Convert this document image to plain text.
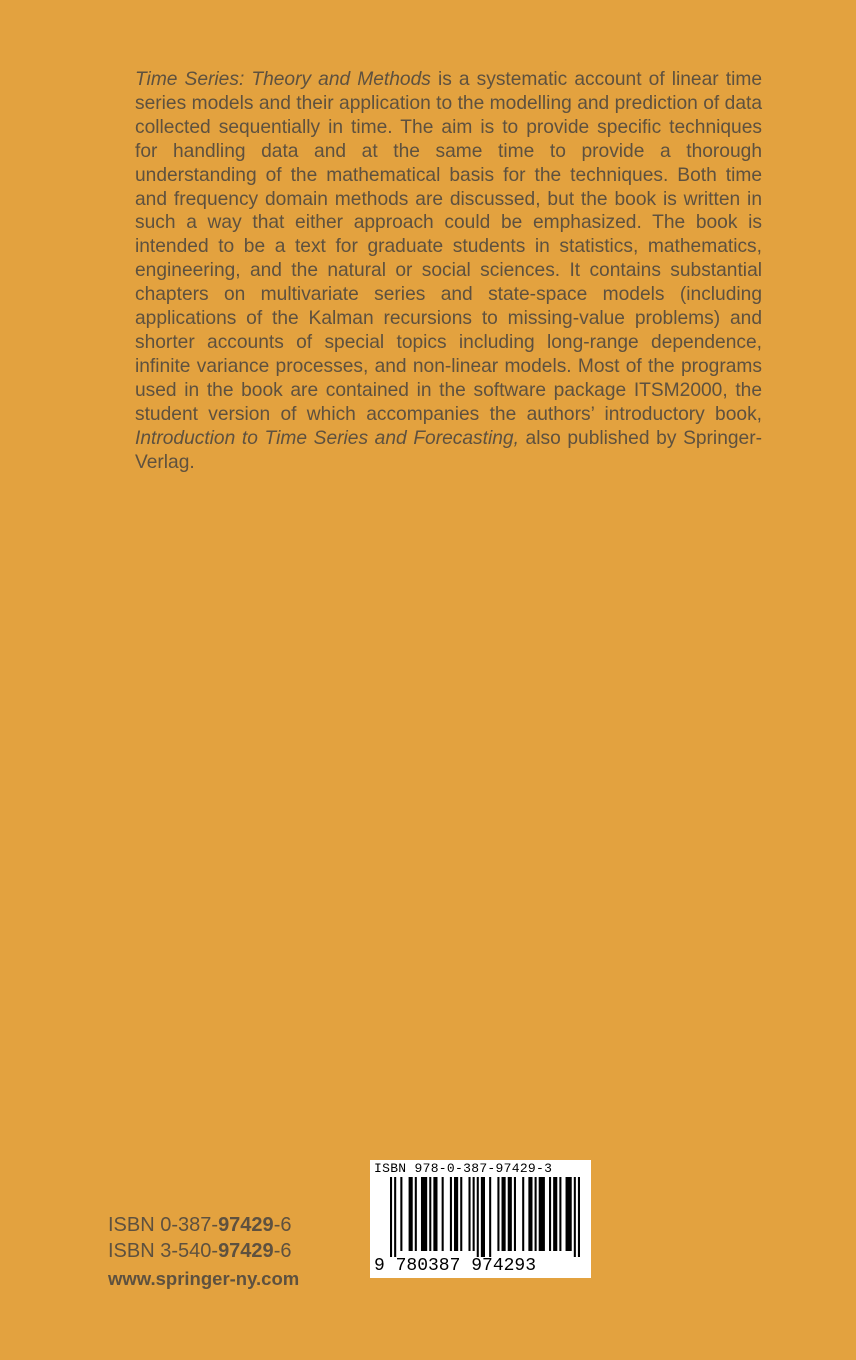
Time Series: Theory and Methods is a systematic account of linear time series models and their application to the modelling and prediction of data collected sequentially in time. The aim is to provide specific techniques for handling data and at the same time to provide a thorough understanding of the mathematical basis for the techniques. Both time and frequency domain methods are discussed, but the book is written in such a way that either approach could be emphasized. The book is intended to be a text for graduate students in statistics, mathematics, engineering, and the natural or social sciences. It contains substantial chapters on multivariate series and state-space models (including applications of the Kalman recursions to missing-value problems) and shorter accounts of special topics including long-range dependence, infinite variance processes, and non-linear models. Most of the programs used in the book are contained in the software package ITSM2000, the student version of which accompanies the authors’ introductory book, Introduction to Time Series and Forecasting, also published by Springer-Verlag.

ISBN 0-387-97429-6
ISBN 3-540-97429-6
www.springer-ny.com
ISBN 978-0-387-97429-3
9 780387 974293
